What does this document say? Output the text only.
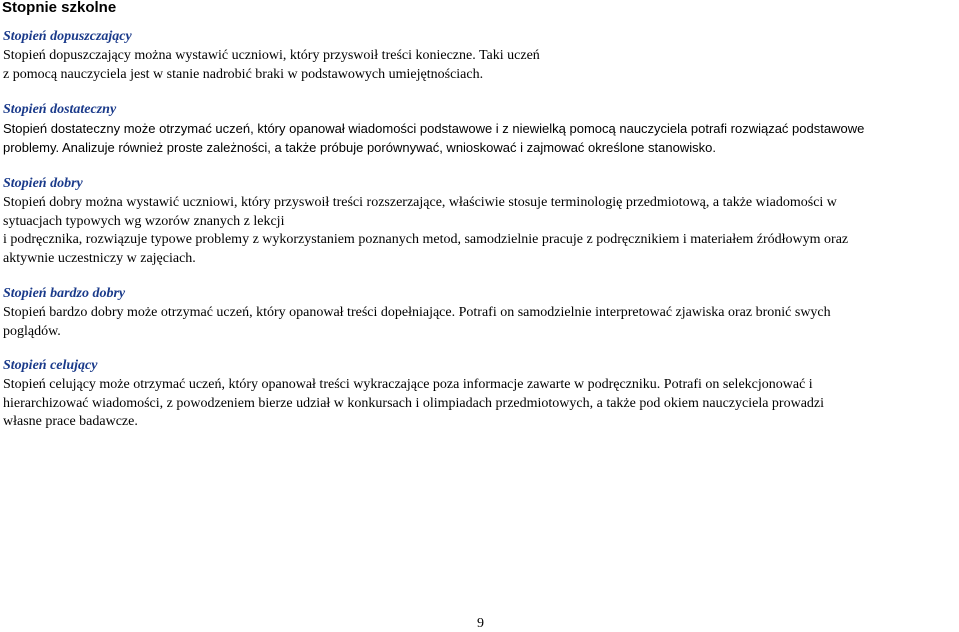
Stopnie szkolne
Stopień dopuszczający

Stopień dopuszczający można wystawić uczniowi, który przyswoił treści konieczne. Taki uczeń
z pomocą nauczyciela jest w stanie nadrobić braki w podstawowych umiejętnościach.

Stopień dostateczny

Stopień dostateczny może otrzymać uczeń, który opanował wiadomości podstawowe i z niewielką pomocą nauczyciela potrafi rozwiązać podstawowe
problemy. Analizuje również proste zależności, a także próbuje porównywać, wnioskować i zajmować określone stanowisko.

Stopień dobry

Stopień dobry można wystawić uczniowi, który przyswoił treści rozszerzające, właściwie stosuje terminologię przedmiotową, a także wiadomości w
sytuacjach typowych wg wzorów znanych z lekcji
i podręcznika, rozwiązuje typowe problemy z wykorzystaniem poznanych metod, samodzielnie pracuje z podręcznikiem i materiałem źródłowym oraz
aktywnie uczestniczy w zajęciach.

Stopień bardzo dobry

Stopień bardzo dobry może otrzymać uczeń, który opanował treści dopełniające. Potrafi on samodzielnie interpretować zjawiska oraz bronić swych
poglądów.

Stopień celujący

Stopień celujący może otrzymać uczeń, który opanował treści wykraczające poza informacje zawarte w podręczniku. Potrafi on selekcjonować i
hierarchizować wiadomości, z powodzeniem bierze udział w konkursach i olimpiadach przedmiotowych, a także pod okiem nauczyciela prowadzi
własne prace badawcze.

9
